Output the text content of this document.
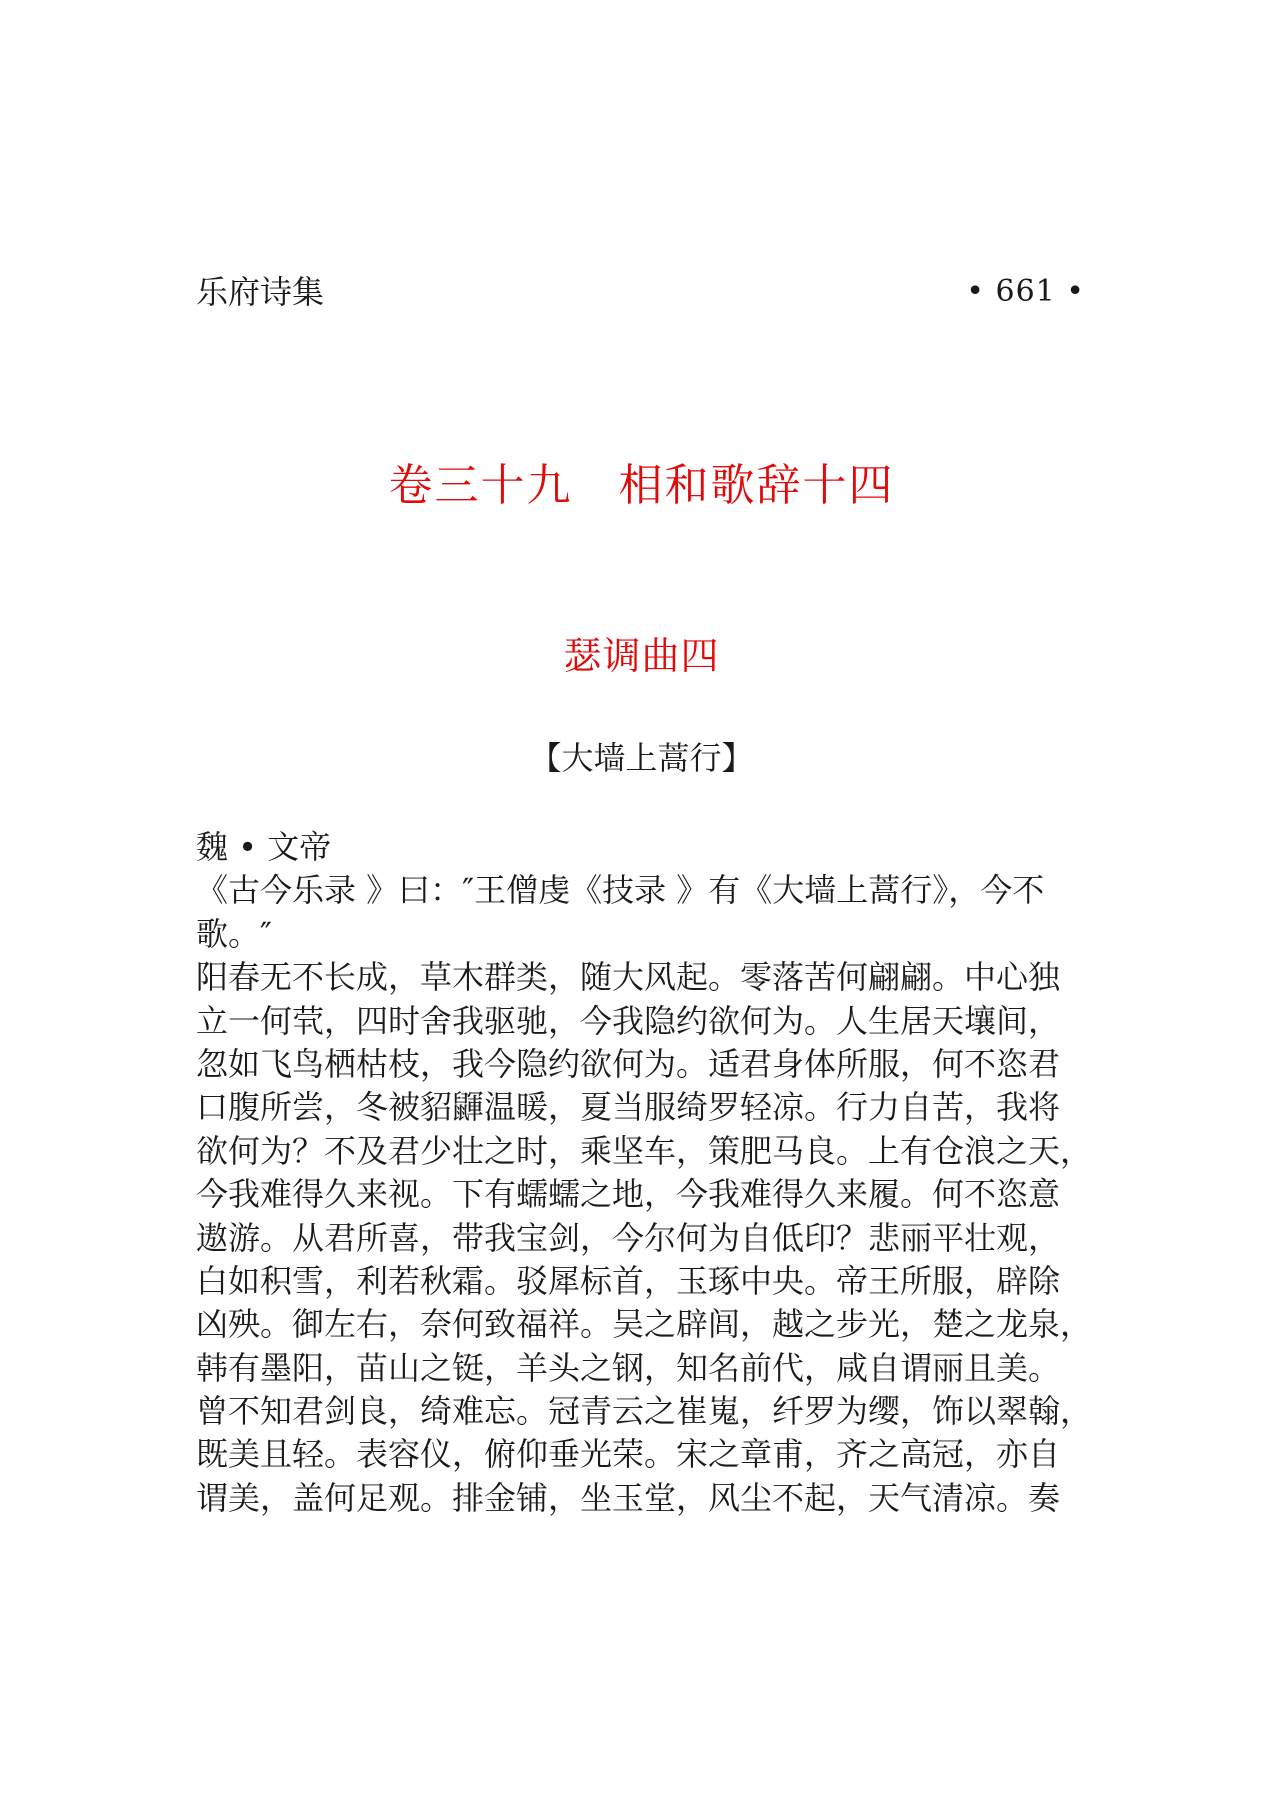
乐府诗集	• 661 •
卷三十九　相和歌辞十四
瑟调曲四
【大墙上蒿行】
魏 • 文帝
《古今乐录 》曰：″王僧虔《技录 》有《大墙上蒿行》，今不
歌。″
阳春无不长成，草木群类，随大风起。零落苦何翩翩。中心独
立一何茕，四时舍我驱驰，今我隐约欲何为。人生居天壤间，
忽如飞鸟栖枯枝，我今隐约欲何为。适君身体所服，何不恣君
口腹所尝，冬被貂鼲温暖，夏当服绮罗轻凉。行力自苦，我将
欲何为？不及君少壮之时，乘坚车，策肥马良。上有仓浪之天，
今我难得久来视。下有蠕蠕之地，今我难得久来履。何不恣意
遨游。从君所喜，带我宝剑，今尔何为自低印？悲丽平壮观，
白如积雪，利若秋霜。驳犀标首，玉琢中央。帝王所服，辟除
凶殃。御左右，奈何致福祥。吴之辟闾，越之步光，楚之龙泉，
韩有墨阳，苗山之铤，羊头之钢，知名前代，咸自谓丽且美。
曾不知君剑良，绮难忘。冠青云之崔嵬，纤罗为缨，饰以翠翰，
既美且轻。表容仪，俯仰垂光荣。宋之章甫，齐之高冠，亦自
谓美，盖何足观。排金铺，坐玉堂，风尘不起，天气清凉。奏
